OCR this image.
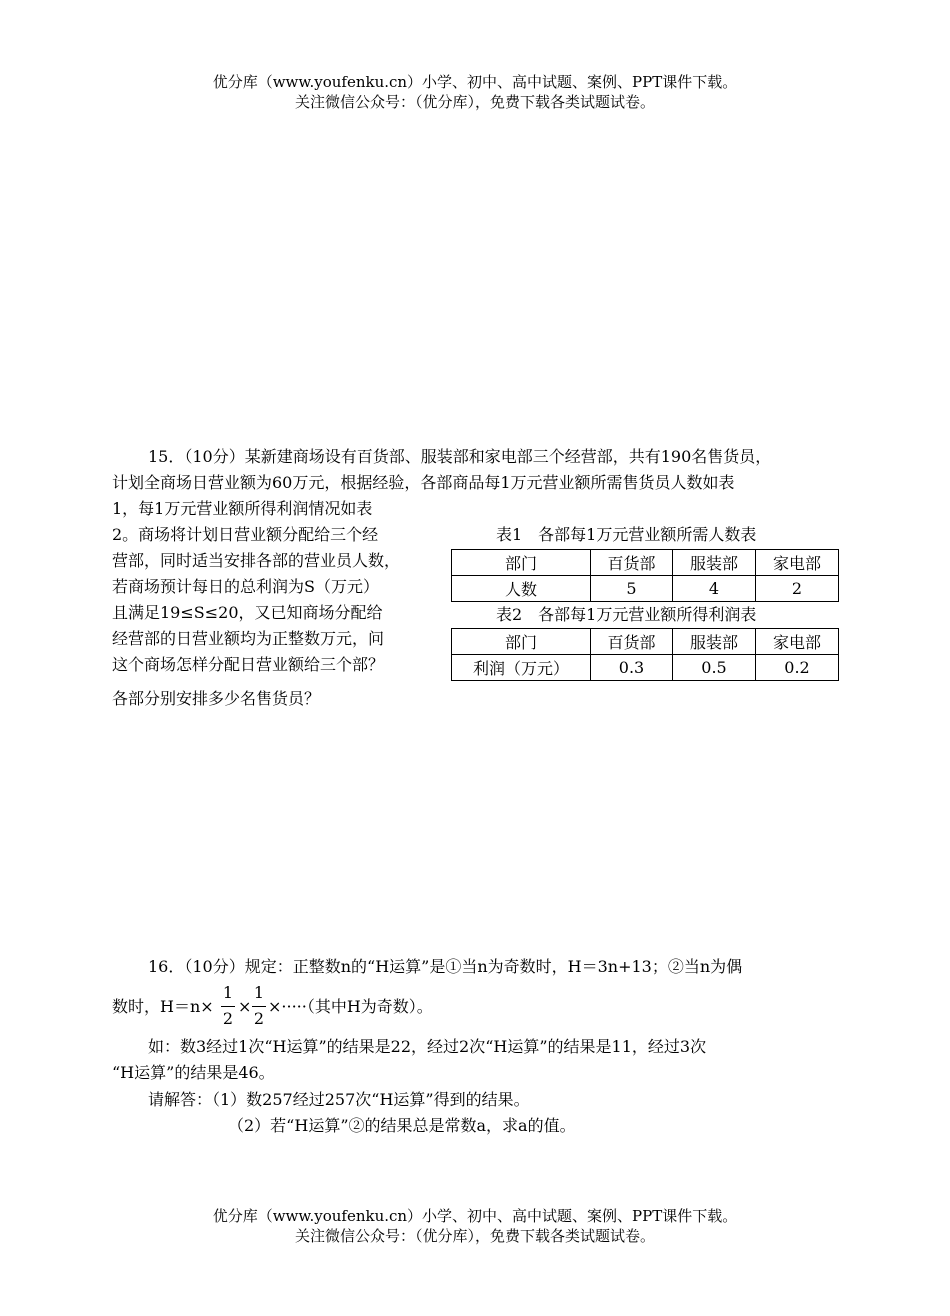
优分库（www.youfenku.cn）小学、初中、高中试题、案例、PPT课件下载。
关注微信公众号：（优分库），免费下载各类试题试卷。
15．（10分）某新建商场设有百货部、服装部和家电部三个经营部，共有190名售货员，
计划全商场日营业额为60万元，根据经验，各部商品每1万元营业额所需售货员人数如表
1，每1万元营业额所得利润情况如表
2。商场将计划日营业额分配给三个经
营部，同时适当安排各部的营业员人数，
若商场预计每日的总利润为S（万元）
且满足19≤S≤20，又已知商场分配给
经营部的日营业额均为正整数万元，问
这个商场怎样分配日营业额给三个部？
各部分别安排多少名售货员？
表1　各部每1万元营业额所需人数表
部门	百货部	服装部	家电部
人数	5	4	2
表2　各部每1万元营业额所得利润表
部门	百货部	服装部	家电部
利润（万元）	0.3	0.5	0.2
16．（10分）规定：正整数n的“H运算”是①当n为奇数时，H＝3n+13；②当n为偶
数时，H＝n×
1
2
×
1
2
×·····（其中H为奇数）。
如：数3经过1次“H运算”的结果是22，经过2次“H运算”的结果是11，经过3次
“H运算”的结果是46。
请解答：（1）数257经过257次“H运算”得到的结果。
（2）若“H运算”②的结果总是常数a，求a的值。
优分库（www.youfenku.cn）小学、初中、高中试题、案例、PPT课件下载。
关注微信公众号：（优分库），免费下载各类试题试卷。
